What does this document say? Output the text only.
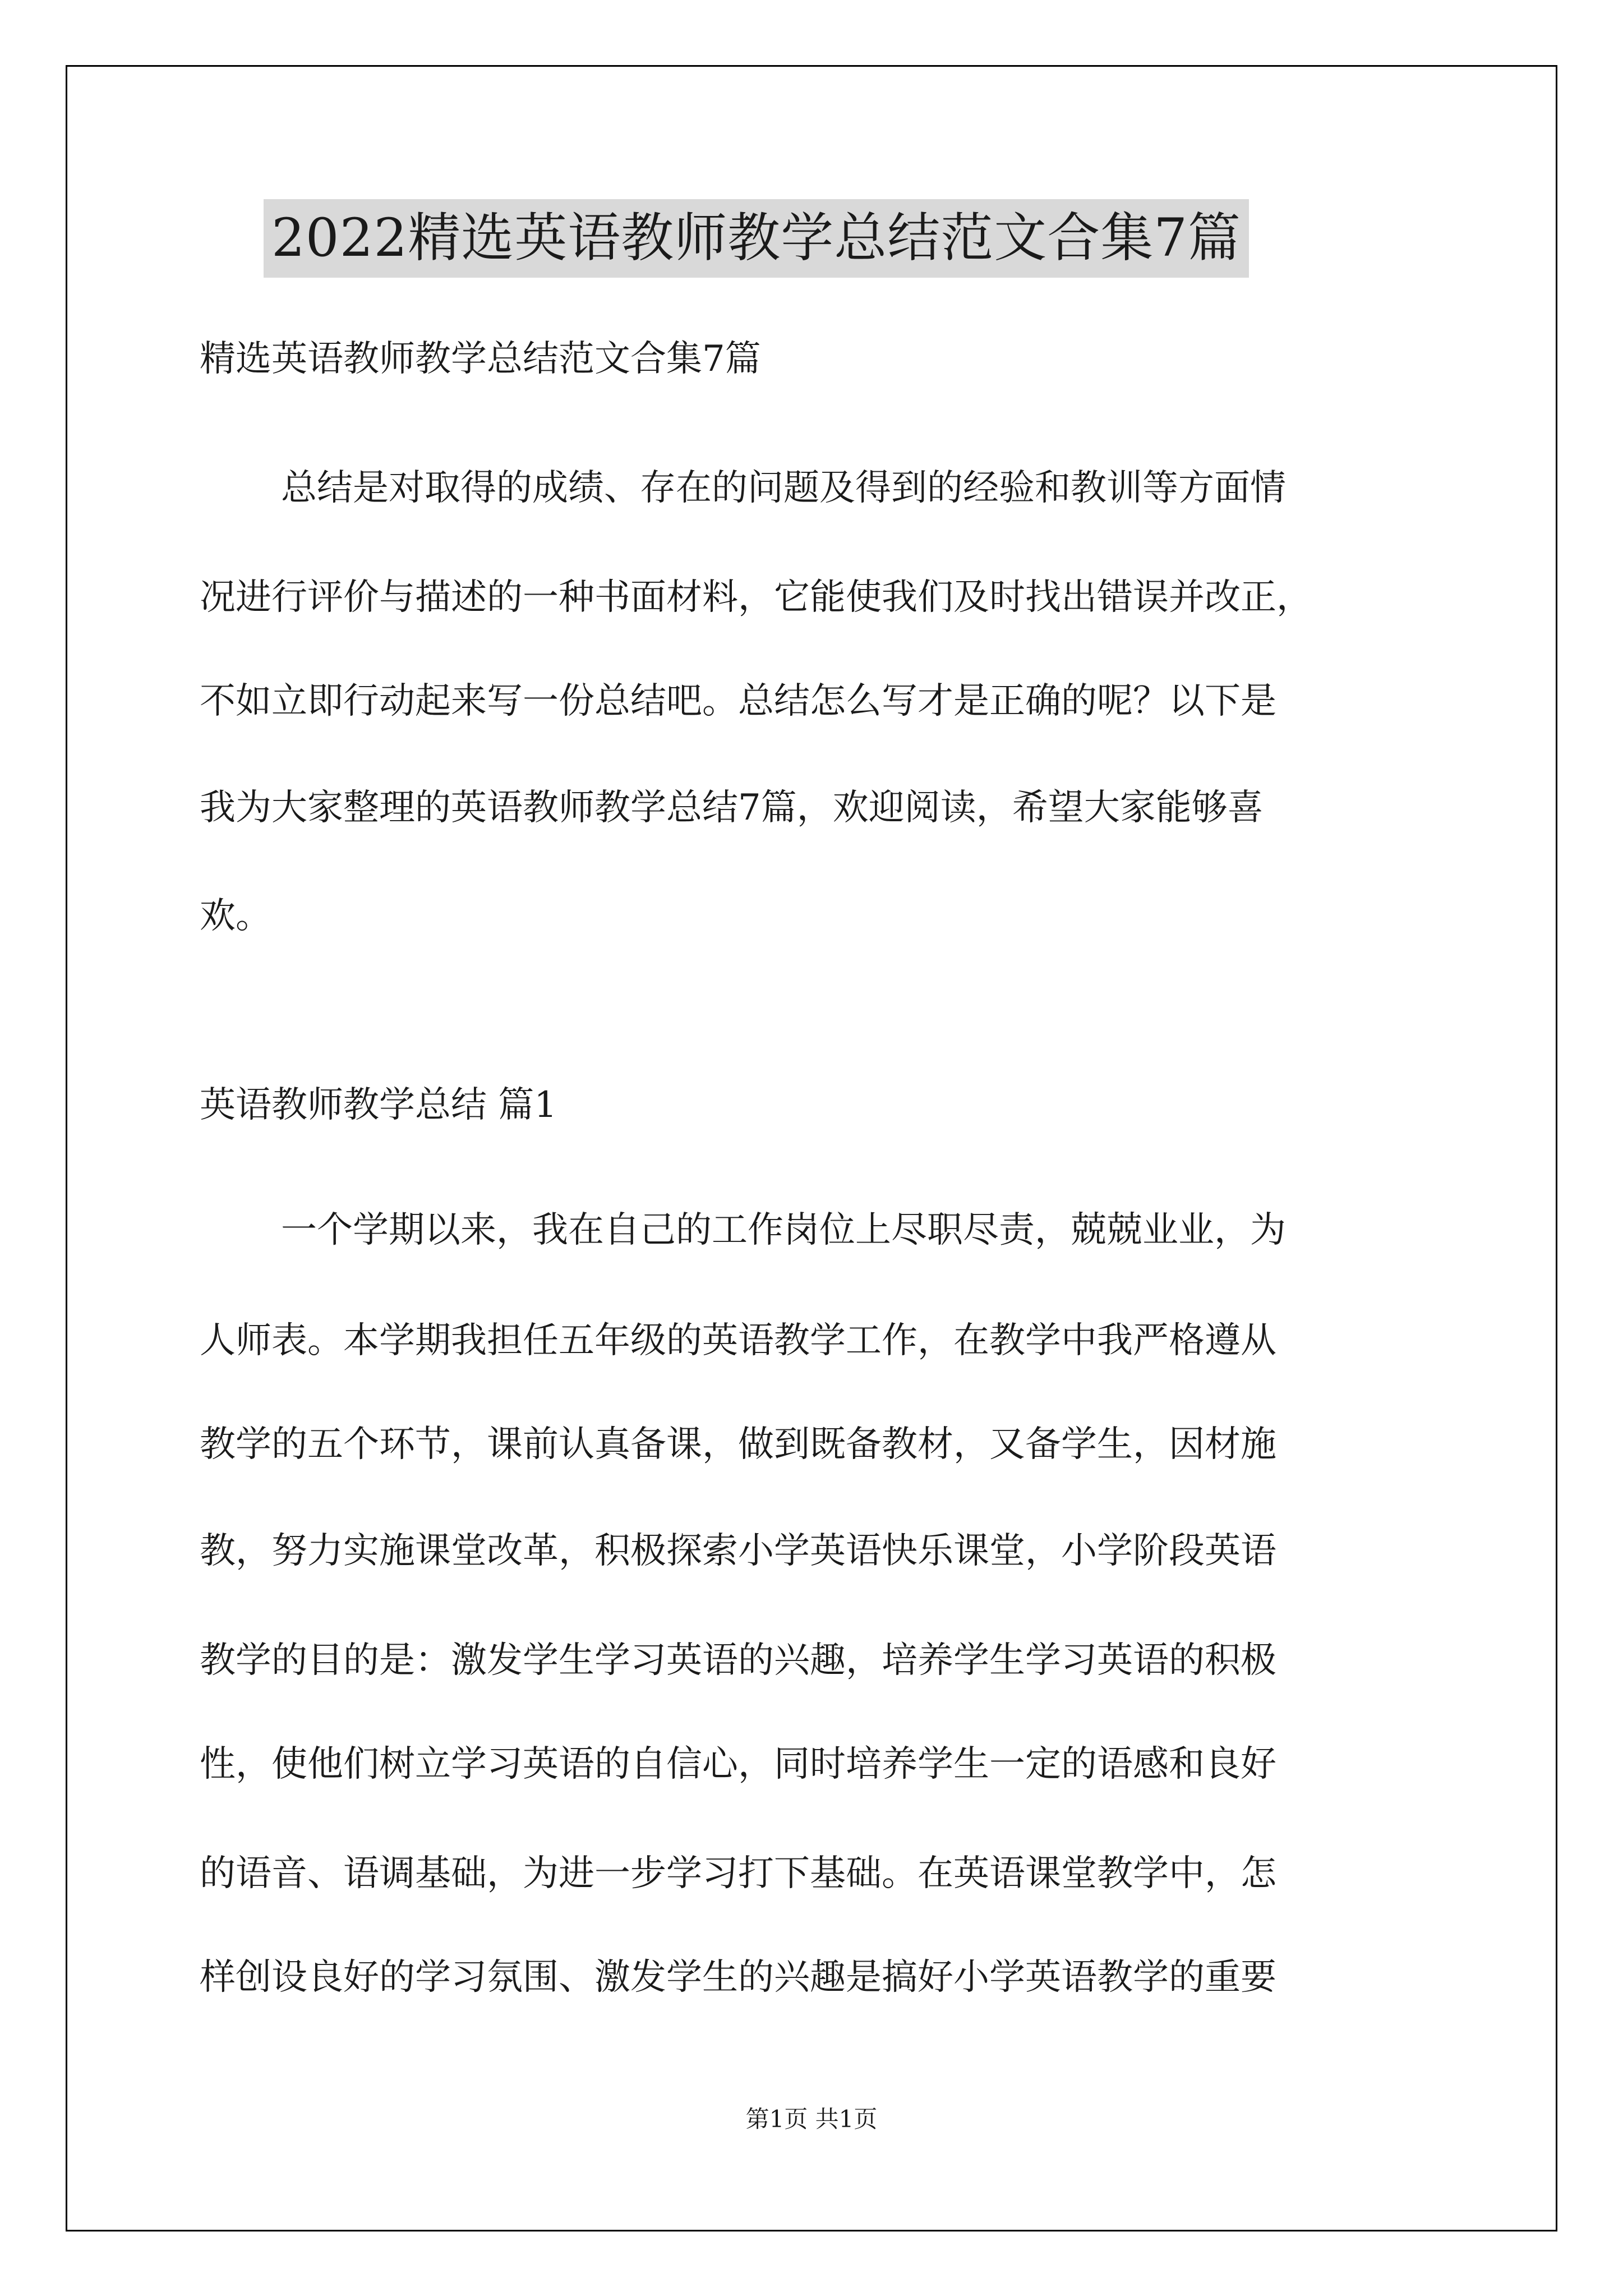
2022精选英语教师教学总结范文合集7篇
精选英语教师教学总结范文合集7篇
总结是对取得的成绩、存在的问题及得到的经验和教训等方面情
况进行评价与描述的一种书面材料，它能使我们及时找出错误并改正，
不如立即行动起来写一份总结吧。总结怎么写才是正确的呢？以下是
我为大家整理的英语教师教学总结7篇，欢迎阅读，希望大家能够喜
欢。
英语教师教学总结 篇1
一个学期以来，我在自己的工作岗位上尽职尽责，兢兢业业，为
人师表。本学期我担任五年级的英语教学工作，在教学中我严格遵从
教学的五个环节，课前认真备课，做到既备教材，又备学生，因材施
教，努力实施课堂改革，积极探索小学英语快乐课堂，小学阶段英语
教学的目的是：激发学生学习英语的兴趣，培养学生学习英语的积极
性，使他们树立学习英语的自信心，同时培养学生一定的语感和良好
的语音、语调基础，为进一步学习打下基础。在英语课堂教学中，怎
样创设良好的学习氛围、激发学生的兴趣是搞好小学英语教学的重要
第1页 共1页
